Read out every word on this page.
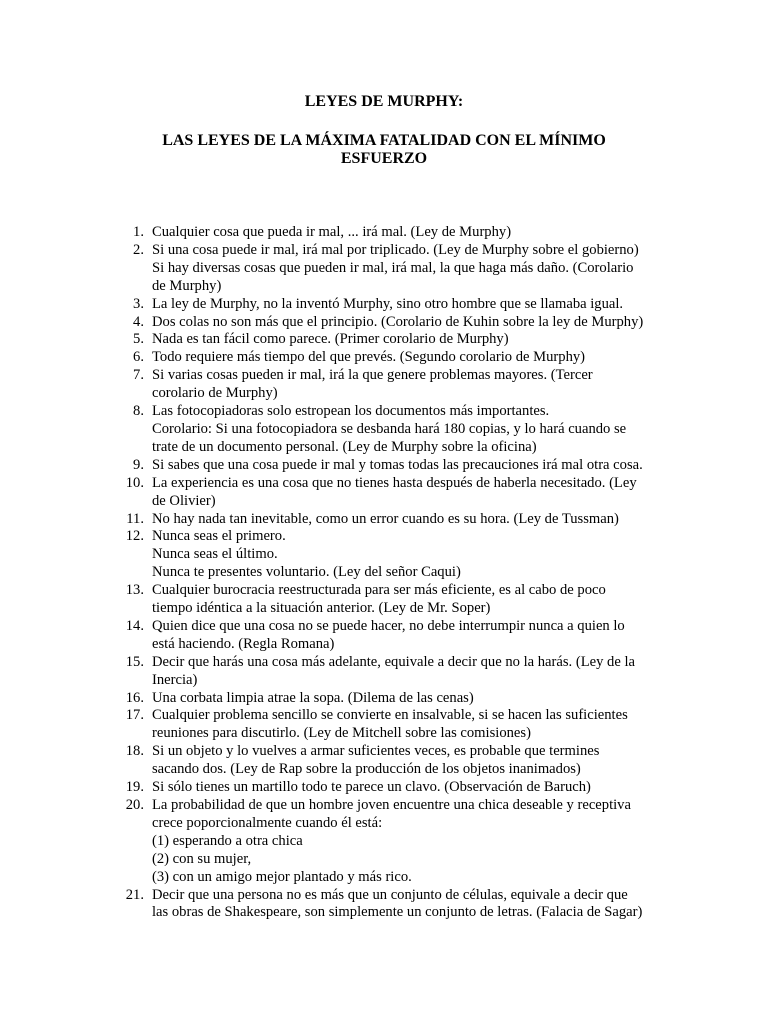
LEYES DE MURPHY:
LAS LEYES DE LA MÁXIMA FATALIDAD CON EL MÍNIMO ESFUERZO
1. Cualquier cosa que pueda ir mal, ... irá mal. (Ley de Murphy)
2. Si una cosa puede ir mal, irá mal por triplicado. (Ley de Murphy sobre el gobierno)
Si hay diversas cosas que pueden ir mal, irá mal, la que haga más daño. (Corolario
de Murphy)
3. La ley de Murphy, no la inventó Murphy, sino otro hombre que se llamaba igual.
4. Dos colas no son más que el principio. (Corolario de Kuhin sobre la ley de Murphy)
5. Nada es tan fácil como parece. (Primer corolario de Murphy)
6. Todo requiere más tiempo del que prevés. (Segundo corolario de Murphy)
7. Si varias cosas pueden ir mal, irá la que genere problemas mayores. (Tercer
corolario de Murphy)
8. Las fotocopiadoras solo estropean los documentos más importantes.
Corolario: Si una fotocopiadora se desbanda hará 180 copias, y lo hará cuando se
trate de un documento personal. (Ley de Murphy sobre la oficina)
9. Si sabes que una cosa puede ir mal y tomas todas las precauciones irá mal otra cosa.
10. La experiencia es una cosa que no tienes hasta después de haberla necesitado. (Ley
de Olivier)
11. No hay nada tan inevitable, como un error cuando es su hora. (Ley de Tussman)
12. Nunca seas el primero.
Nunca seas el último.
Nunca te presentes voluntario. (Ley del señor Caqui)
13. Cualquier burocracia reestructurada para ser más eficiente, es al cabo de poco
tiempo idéntica a la situación anterior. (Ley de Mr. Soper)
14. Quien dice que una cosa no se puede hacer, no debe interrumpir nunca a quien lo
está haciendo. (Regla Romana)
15. Decir que harás una cosa más adelante, equivale a decir que no la harás. (Ley de la
Inercia)
16. Una corbata limpia atrae la sopa. (Dilema de las cenas)
17. Cualquier problema sencillo se convierte en insalvable, si se hacen las suficientes
reuniones para discutirlo. (Ley de Mitchell sobre las comisiones)
18. Si un objeto y lo vuelves a armar suficientes veces, es probable que termines
sacando dos. (Ley de Rap sobre la producción de los objetos inanimados)
19. Si sólo tienes un martillo todo te parece un clavo. (Observación de Baruch)
20. La probabilidad de que un hombre joven encuentre una chica deseable y receptiva
crece poporcionalmente cuando él está:
(1) esperando a otra chica
(2) con su mujer,
(3) con un amigo mejor plantado y más rico.
21. Decir que una persona no es más que un conjunto de células, equivale a decir que
las obras de Shakespeare, son simplemente un conjunto de letras. (Falacia de Sagar)
